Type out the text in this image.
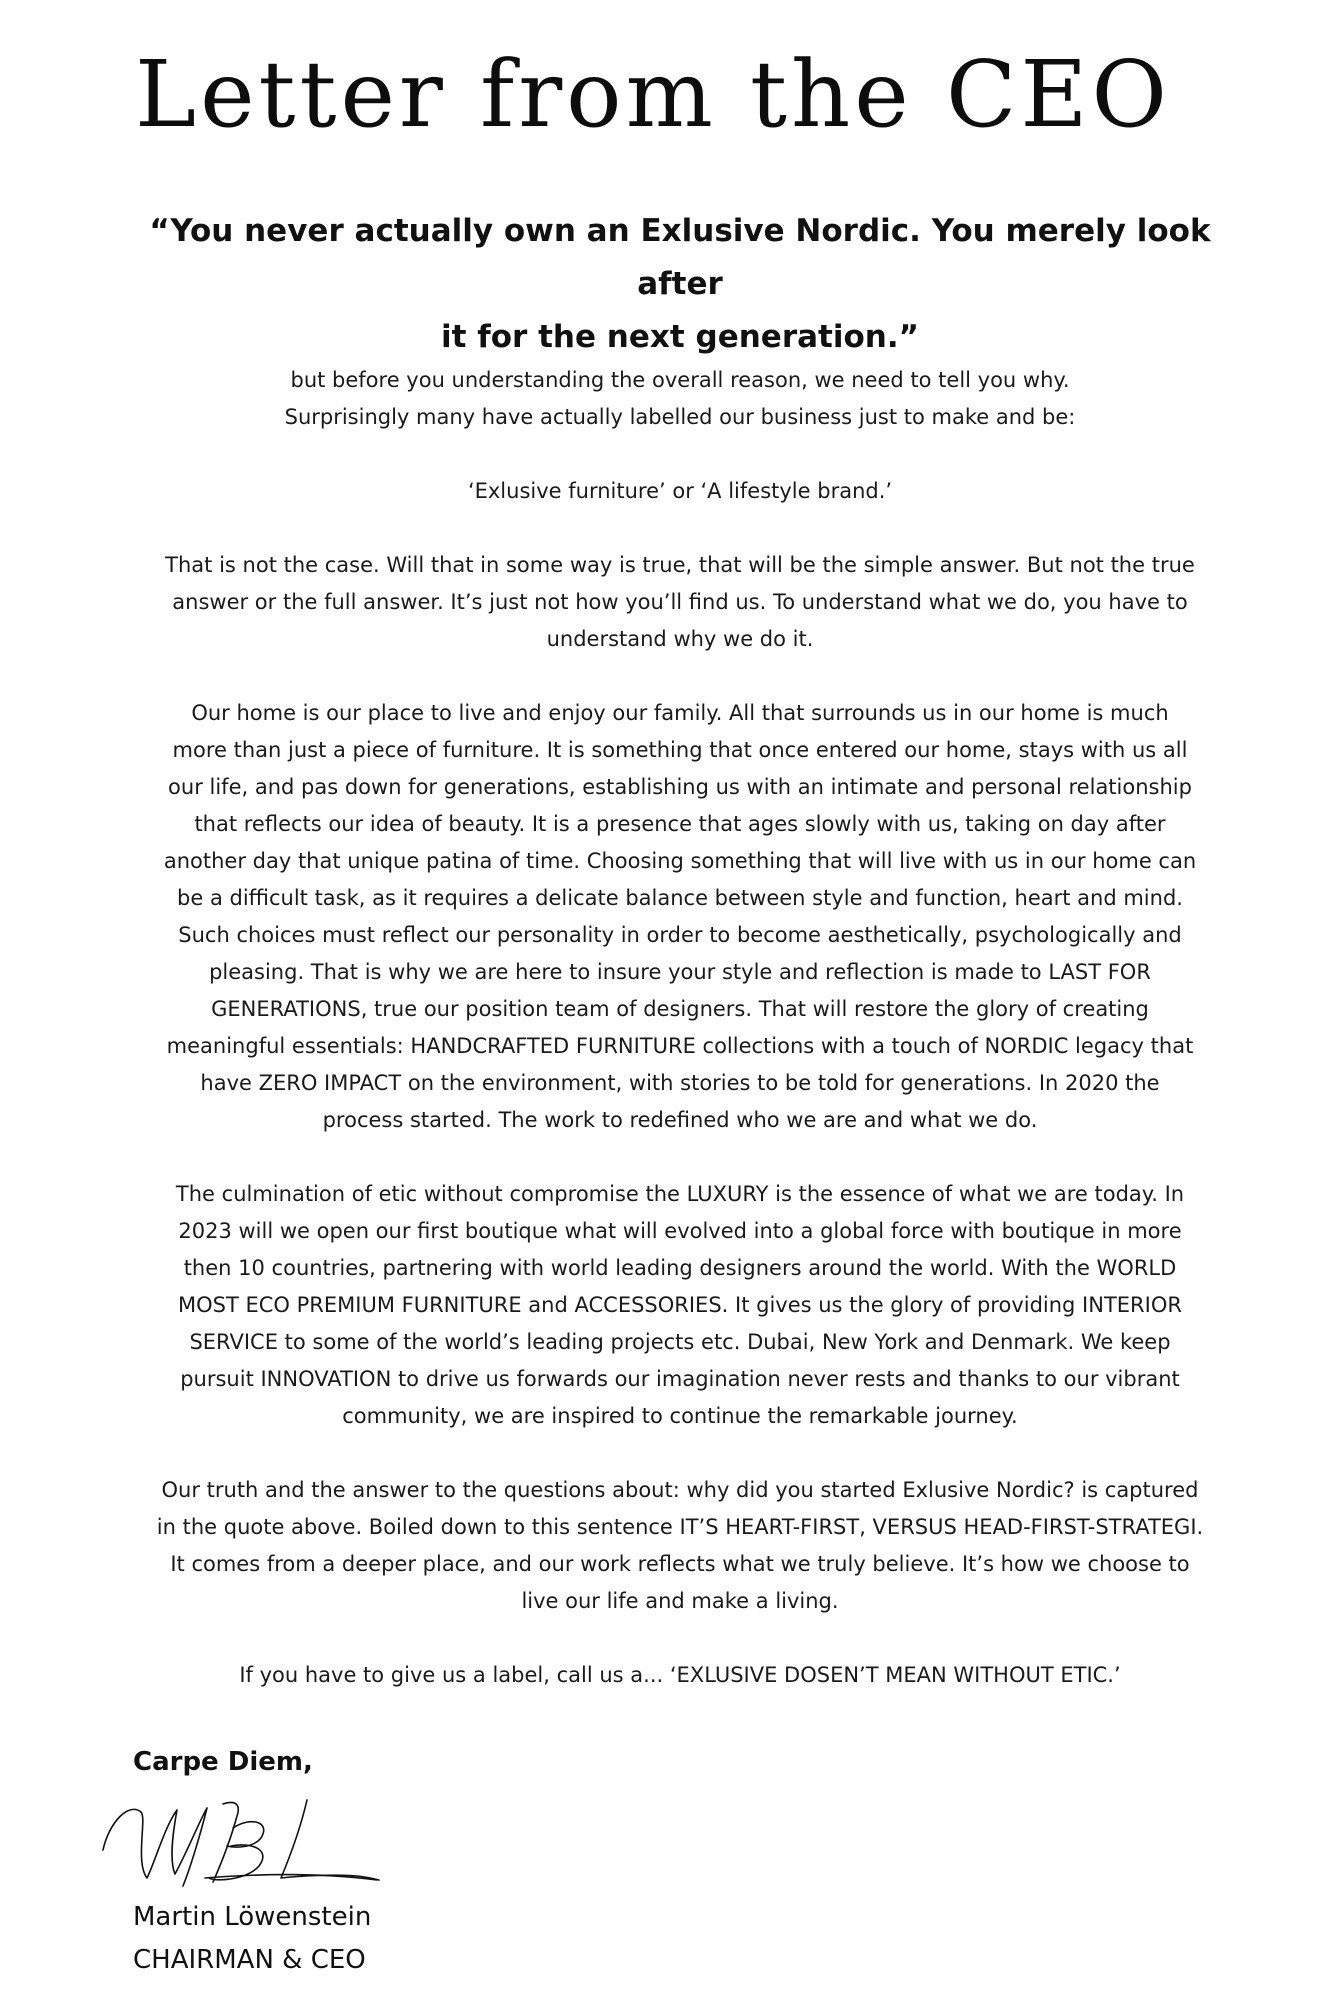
Letter from the CEO
“You never actually own an Exlusive Nordic. You merely look after
it for the next generation.”

but before you understanding the overall reason, we need to tell you why.
Surprisingly many have actually labelled our business just to make and be:

‘Exlusive furniture’ or ‘A lifestyle brand.’

That is not the case. Will that in some way is true, that will be the simple answer. But not the true
answer or the full answer. It’s just not how you’ll find us. To understand what we do, you have to
understand why we do it.

Our home is our place to live and enjoy our family. All that surrounds us in our home is much
more than just a piece of furniture. It is something that once entered our home, stays with us all
our life, and pas down for generations, establishing us with an intimate and personal relationship
that reflects our idea of beauty. It is a presence that ages slowly with us, taking on day after
another day that unique patina of time. Choosing something that will live with us in our home can
be a difficult task, as it requires a delicate balance between style and function, heart and mind.
Such choices must reflect our personality in order to become aesthetically, psychologically and
pleasing. That is why we are here to insure your style and reflection is made to LAST FOR
GENERATIONS, true our position team of designers. That will restore the glory of creating
meaningful essentials: HANDCRAFTED FURNITURE collections with a touch of NORDIC legacy that
have ZERO IMPACT on the environment, with stories to be told for generations. In 2020 the
process started. The work to redefined who we are and what we do.

The culmination of etic without compromise the LUXURY is the essence of what we are today. In
2023 will we open our first boutique what will evolved into a global force with boutique in more
then 10 countries, partnering with world leading designers around the world. With the WORLD
MOST ECO PREMIUM FURNITURE and ACCESSORIES. It gives us the glory of providing INTERIOR
SERVICE to some of the world’s leading projects etc. Dubai, New York and Denmark. We keep
pursuit INNOVATION to drive us forwards our imagination never rests and thanks to our vibrant
community, we are inspired to continue the remarkable journey.

Our truth and the answer to the questions about: why did you started Exlusive Nordic? is captured
in the quote above. Boiled down to this sentence IT’S HEART-FIRST, VERSUS HEAD-FIRST-STRATEGI.
It comes from a deeper place, and our work reflects what we truly believe. It’s how we choose to
live our life and make a living.

If you have to give us a label, call us a... ‘EXLUSIVE DOSEN’T MEAN WITHOUT ETIC.’

Carpe Diem,
Martin Löwenstein
CHAIRMAN & CEO
